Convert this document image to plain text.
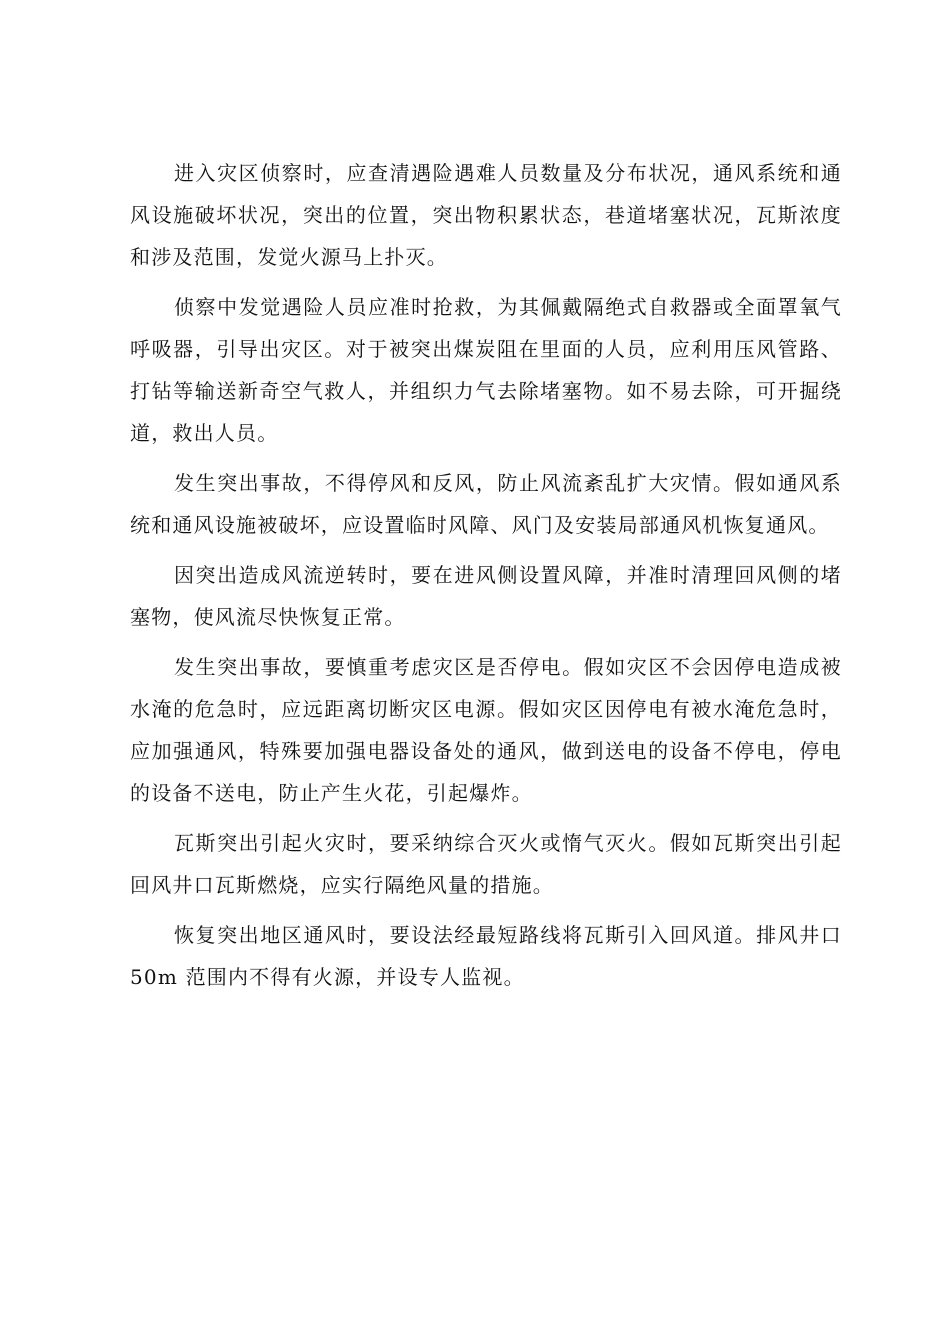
进入灾区侦察时，应查清遇险遇难人员数量及分布状况，通风系统和通风设施破坏状况，突出的位置，突出物积累状态，巷道堵塞状况，瓦斯浓度和涉及范围，发觉火源马上扑灭。

侦察中发觉遇险人员应准时抢救，为其佩戴隔绝式自救器或全面罩氧气呼吸器，引导出灾区。对于被突出煤炭阻在里面的人员，应利用压风管路、打钻等输送新奇空气救人，并组织力气去除堵塞物。如不易去除，可开掘绕道，救出人员。

发生突出事故，不得停风和反风，防止风流紊乱扩大灾情。假如通风系统和通风设施被破坏，应设置临时风障、风门及安装局部通风机恢复通风。

因突出造成风流逆转时，要在进风侧设置风障，并准时清理回风侧的堵塞物，使风流尽快恢复正常。

发生突出事故，要慎重考虑灾区是否停电。假如灾区不会因停电造成被水淹的危急时，应远距离切断灾区电源。假如灾区因停电有被水淹危急时，应加强通风，特殊要加强电器设备处的通风，做到送电的设备不停电，停电的设备不送电，防止产生火花，引起爆炸。

瓦斯突出引起火灾时，要采纳综合灭火或惰气灭火。假如瓦斯突出引起回风井口瓦斯燃烧，应实行隔绝风量的措施。

恢复突出地区通风时，要设法经最短路线将瓦斯引入回风道。排风井口 50m 范围内不得有火源，并设专人监视。
